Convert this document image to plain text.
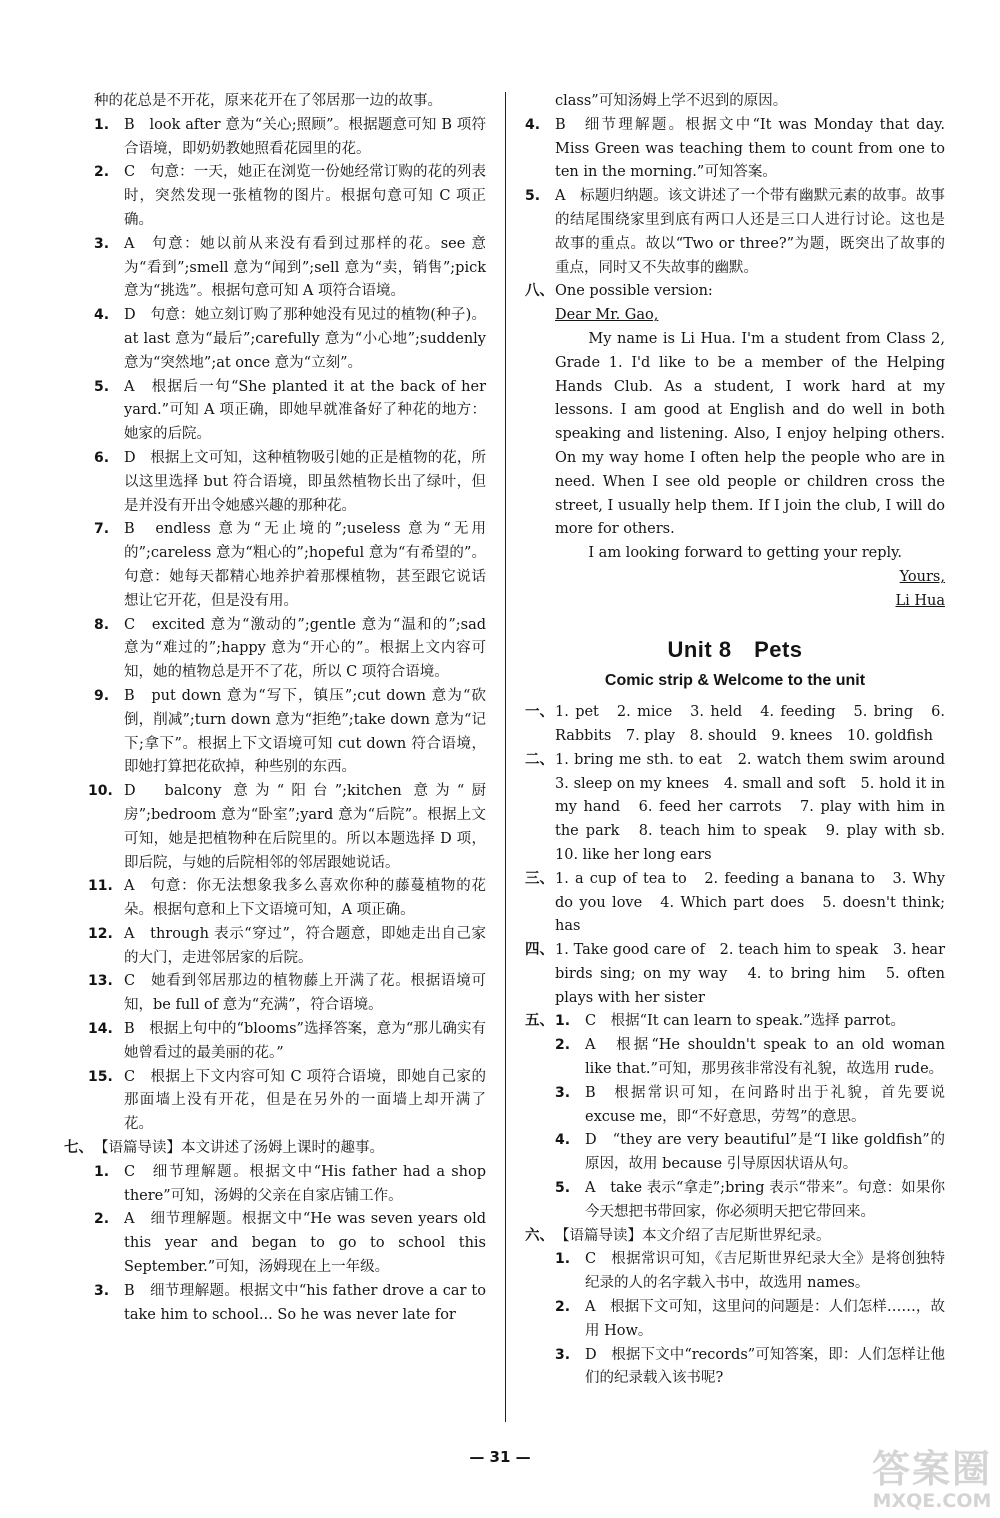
种的花总是不开花，原来花开在了邻居那一边的故事。

1.	B　look after 意为“关心;照顾”。根据题意可知 B 项符合语境，即奶奶教她照看花园里的花。
2.	C　句意：一天，她正在浏览一份她经常订购的花的列表时，突然发现一张植物的图片。根据句意可知 C 项正确。
3.	A　句意：她以前从来没有看到过那样的花。see 意为“看到”;smell 意为“闻到”;sell 意为“卖，销售”;pick 意为“挑选”。根据句意可知 A 项符合语境。
4.	D　句意：她立刻订购了那种她没有见过的植物(种子)。at last 意为“最后”;carefully 意为“小心地”;suddenly 意为“突然地”;at once 意为“立刻”。
5.	A　根据后一句“She planted it at the back of her yard.”可知 A 项正确，即她早就准备好了种花的地方：她家的后院。
6.	D　根据上文可知，这种植物吸引她的正是植物的花，所以这里选择 but 符合语境，即虽然植物长出了绿叶，但是并没有开出令她感兴趣的那种花。
7.	B　endless 意为“无止境的”;useless 意为“无用的”;careless 意为“粗心的”;hopeful 意为“有希望的”。句意：她每天都精心地养护着那棵植物，甚至跟它说话想让它开花，但是没有用。
8.	C　excited 意为“激动的”;gentle 意为“温和的”;sad 意为“难过的”;happy 意为“开心的”。根据上文内容可知，她的植物总是开不了花，所以 C 项符合语境。
9.	B　put down 意为“写下，镇压”;cut down 意为“砍倒，削减”;turn down 意为“拒绝”;take down 意为“记下;拿下”。根据上下文语境可知 cut down 符合语境，即她打算把花砍掉，种些别的东西。
10. D　balcony 意为“阳台”;kitchen 意为“厨房”;bedroom 意为“卧室”;yard 意为“后院”。根据上文可知，她是把植物种在后院里的。所以本题选择 D 项，即后院，与她的后院相邻的邻居跟她说话。
11. A　句意：你无法想象我多么喜欢你种的藤蔓植物的花朵。根据句意和上下文语境可知，A 项正确。
12. A　through 表示“穿过”，符合题意，即她走出自己家的大门，走进邻居家的后院。
13. C　她看到邻居那边的植物藤上开满了花。根据语境可知，be full of 意为“充满”，符合语境。
14. B　根据上句中的“blooms”选择答案，意为“那儿确实有她曾看过的最美丽的花。”
15. C　根据上下文内容可知 C 项符合语境，即她自己家的那面墙上没有开花，但是在另外的一面墙上却开满了花。
七、 【语篇导读】本文讲述了汤姆上课时的趣事。
1.	C　细节理解题。根据文中“His father had a shop there”可知，汤姆的父亲在自家店铺工作。
2.	A　细节理解题。根据文中“He was seven years old this year and began to go to school this September.”可知，汤姆现在上一年级。
3.	B　细节理解题。根据文中“his father drove a car to take him to school... So he was never late for

class”可知汤姆上学不迟到的原因。

4.	B　细节理解题。根据文中“It was Monday that day. Miss Green was teaching them to count from one to ten in the morning.”可知答案。
5.	A　标题归纳题。该文讲述了一个带有幽默元素的故事。故事的结尾围绕家里到底有两口人还是三口人进行讨论。这也是故事的重点。故以“Two or three?”为题，既突出了故事的重点，同时又不失故事的幽默。
八、 One possible version:

Dear Mr. Gao,

My name is Li Hua. I'm a student from Class 2, Grade 1. I'd like to be a member of the Helping Hands Club. As a student, I work hard at my lessons. I am good at English and do well in both speaking and listening. Also, I enjoy helping others. On my way home I often help the people who are in need. When I see old people or children cross the street, I usually help them. If I join the club, I will do more for others.

I am looking forward to getting your reply.

Yours,

Li Hua

Unit 8　Pets
Comic strip & Welcome to the unit
一、 1. pet　2. mice　3. held　4. feeding　5. bring　6. Rabbits　7. play　8. should　9. knees　10. goldfish
二、 1. bring me sth. to eat　2. watch them swim around　3. sleep on my knees　4. small and soft　5. hold it in my hand　6. feed her carrots　7. play with him in the park　8. teach him to speak　9. play with sb.　10. like her long ears
三、 1. a cup of tea to　2. feeding a banana to　3. Why do you love　4. Which part does　5. doesn't think; has
四、 1. Take good care of　2. teach him to speak　3. hear birds sing; on my way　4. to bring him　5. often plays with her sister
五、 1.	C　根据“It can learn to speak.”选择 parrot。
2.	A　根据“He shouldn't speak to an old woman like that.”可知，那男孩非常没有礼貌，故选用 rude。
3.	B　根据常识可知，在问路时出于礼貌，首先要说 excuse me，即“不好意思，劳驾”的意思。
4.	D　“they are very beautiful”是“I like goldfish”的原因，故用 because 引导原因状语从句。
5.	A　take 表示“拿走”;bring 表示“带来”。句意：如果你今天想把书带回家，你必须明天把它带回来。
六、 【语篇导读】本文介绍了吉尼斯世界纪录。
1.	C　根据常识可知，《吉尼斯世界纪录大全》是将创独特纪录的人的名字载入书中，故选用 names。
2.	A　根据下文可知，这里问的问题是：人们怎样……，故用 How。
3.	D　根据下文中“records”可知答案，即：人们怎样让他们的纪录载入该书呢?
— 31 —	答案圈
MXQE.COM
